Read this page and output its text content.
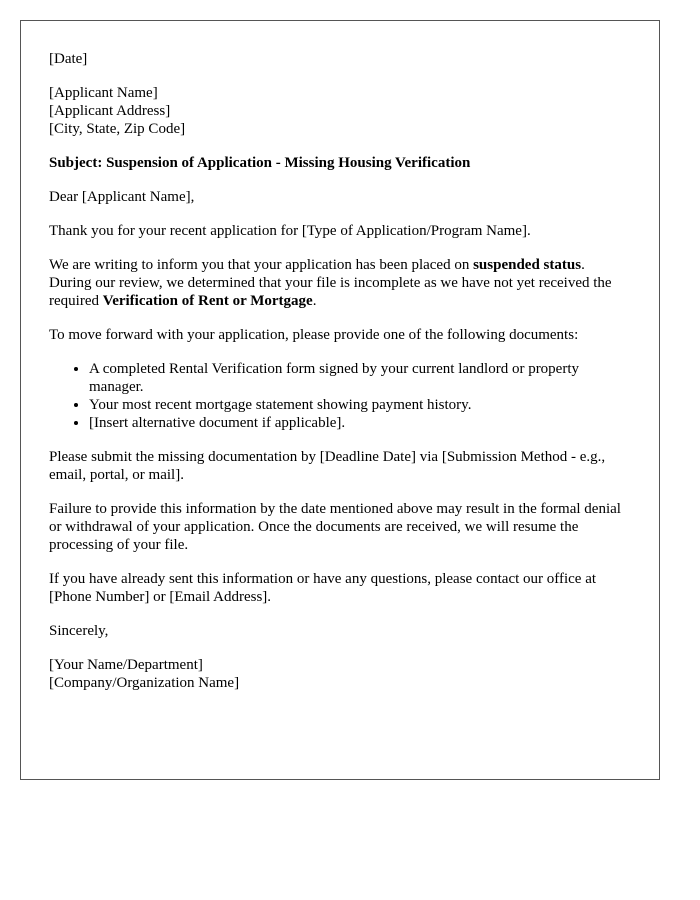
[Date]

[Applicant Name]
[Applicant Address]
[City, State, Zip Code]

Subject: Suspension of Application - Missing Housing Verification

Dear [Applicant Name],

Thank you for your recent application for [Type of Application/Program Name].

We are writing to inform you that your application has been placed on suspended status. During our review, we determined that your file is incomplete as we have not yet received the required Verification of Rent or Mortgage.

To move forward with your application, please provide one of the following documents:

• A completed Rental Verification form signed by your current landlord or property manager.
• Your most recent mortgage statement showing payment history.
• [Insert alternative document if applicable].

Please submit the missing documentation by [Deadline Date] via [Submission Method - e.g., email, portal, or mail].

Failure to provide this information by the date mentioned above may result in the formal denial or withdrawal of your application. Once the documents are received, we will resume the processing of your file.

If you have already sent this information or have any questions, please contact our office at [Phone Number] or [Email Address].

Sincerely,

[Your Name/Department]
[Company/Organization Name]
